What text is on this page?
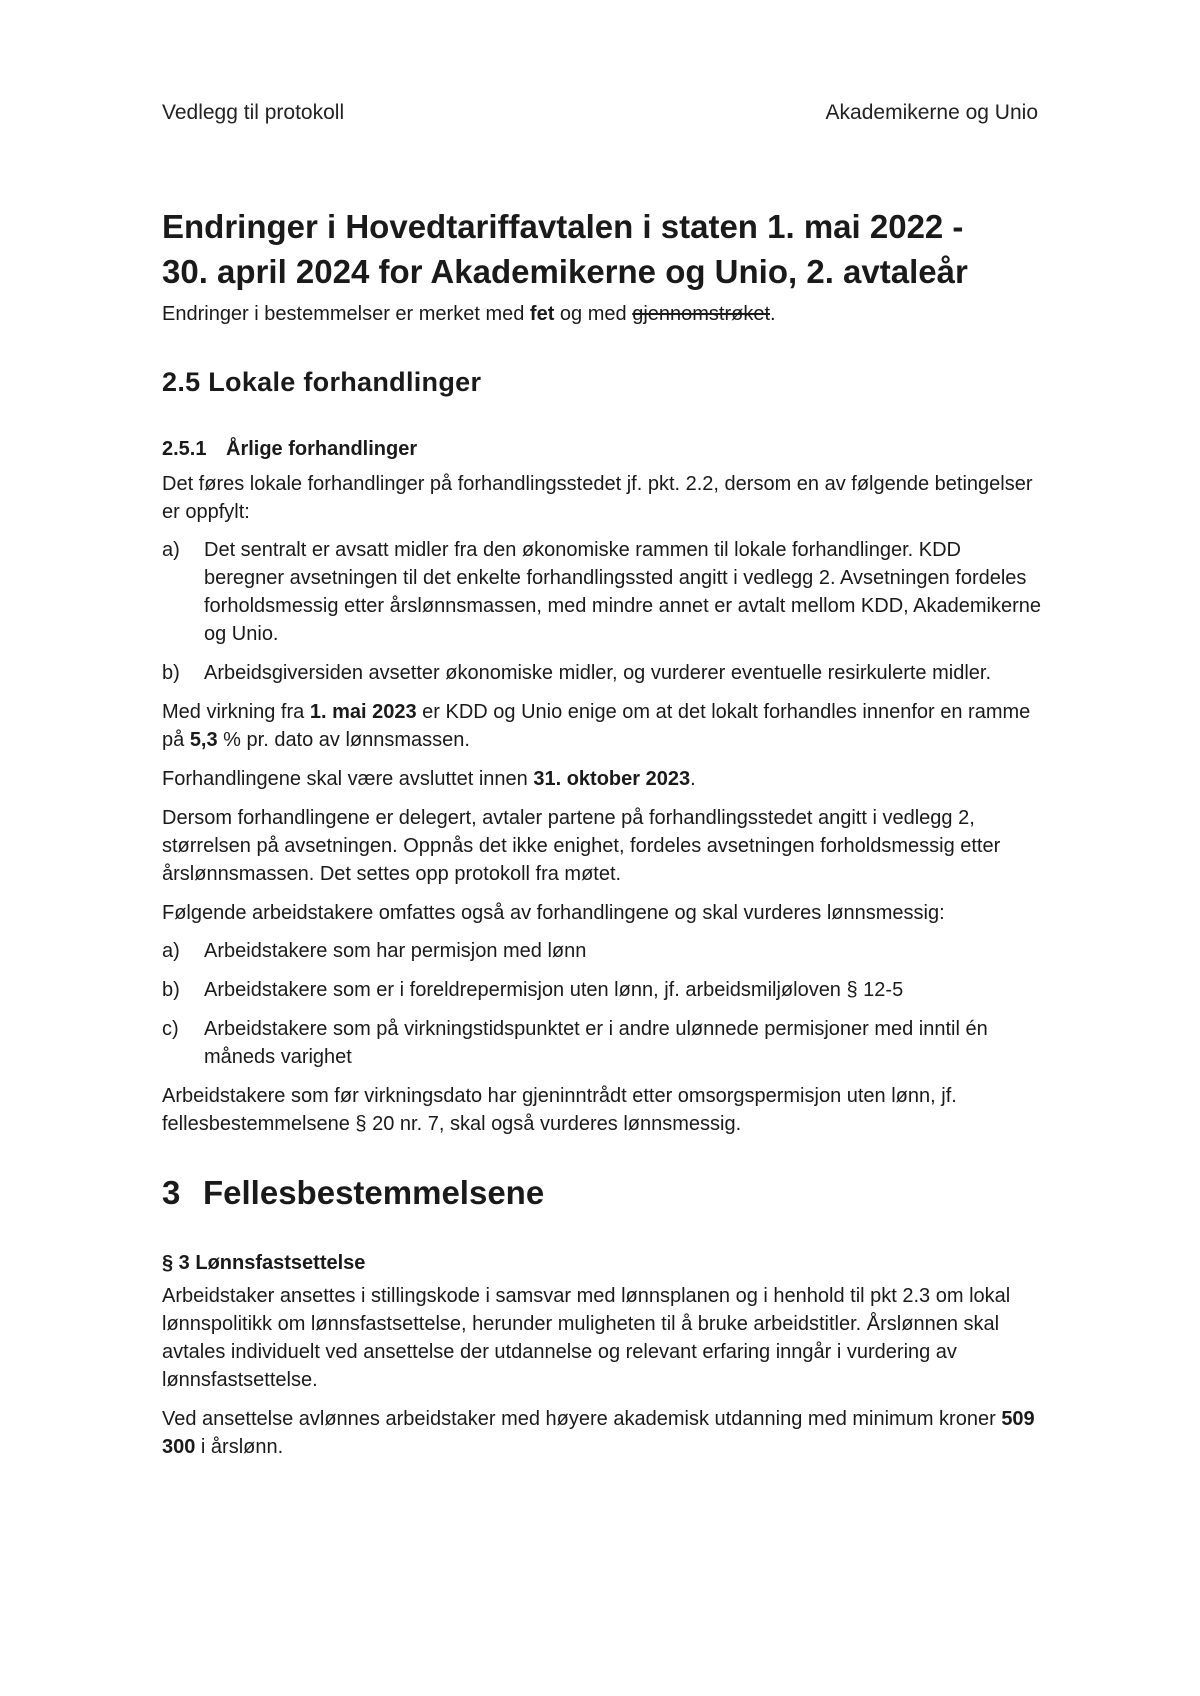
Vedlegg til protokoll	Akademikerne og Unio
Endringer i Hovedtariffavtalen i staten 1. mai 2022 -
30. april 2024 for Akademikerne og Unio, 2. avtaleår

Endringer i bestemmelser er merket med fet og med gjennomstrøket.

2.5 Lokale forhandlinger
2.5.1 Årlige forhandlinger

Det føres lokale forhandlinger på forhandlingsstedet jf. pkt. 2.2, dersom en av følgende betingelser er oppfylt:

a)	Det sentralt er avsatt midler fra den økonomiske rammen til lokale forhandlinger. KDD beregner avsetningen til det enkelte forhandlingssted angitt i vedlegg 2. Avsetningen fordeles forholdsmessig etter årslønnsmassen, med mindre annet er avtalt mellom KDD, Akademikerne og Unio.
b)	Arbeidsgiversiden avsetter økonomiske midler, og vurderer eventuelle resirkulerte midler.

Med virkning fra 1. mai 2023 er KDD og Unio enige om at det lokalt forhandles innenfor en ramme på 5,3 % pr. dato av lønnsmassen.

Forhandlingene skal være avsluttet innen 31. oktober 2023.

Dersom forhandlingene er delegert, avtaler partene på forhandlingsstedet angitt i vedlegg 2, størrelsen på avsetningen. Oppnås det ikke enighet, fordeles avsetningen forholdsmessig etter årslønnsmassen. Det settes opp protokoll fra møtet.

Følgende arbeidstakere omfattes også av forhandlingene og skal vurderes lønnsmessig:

a)	Arbeidstakere som har permisjon med lønn
b)	Arbeidstakere som er i foreldrepermisjon uten lønn, jf. arbeidsmiljøloven § 12-5
c)	Arbeidstakere som på virkningstidspunktet er i andre ulønnede permisjoner med inntil én måneds varighet

Arbeidstakere som før virkningsdato har gjeninntrådt etter omsorgspermisjon uten lønn, jf. fellesbestemmelsene § 20 nr. 7, skal også vurderes lønnsmessig.

3 Fellesbestemmelsene
§ 3 Lønnsfastsettelse

Arbeidstaker ansettes i stillingskode i samsvar med lønnsplanen og i henhold til pkt 2.3 om lokal lønnspolitikk om lønnsfastsettelse, herunder muligheten til å bruke arbeidstitler. Årslønnen skal avtales individuelt ved ansettelse der utdannelse og relevant erfaring inngår i vurdering av lønnsfastsettelse.

Ved ansettelse avlønnes arbeidstaker med høyere akademisk utdanning med minimum kroner 509 300 i årslønn.
